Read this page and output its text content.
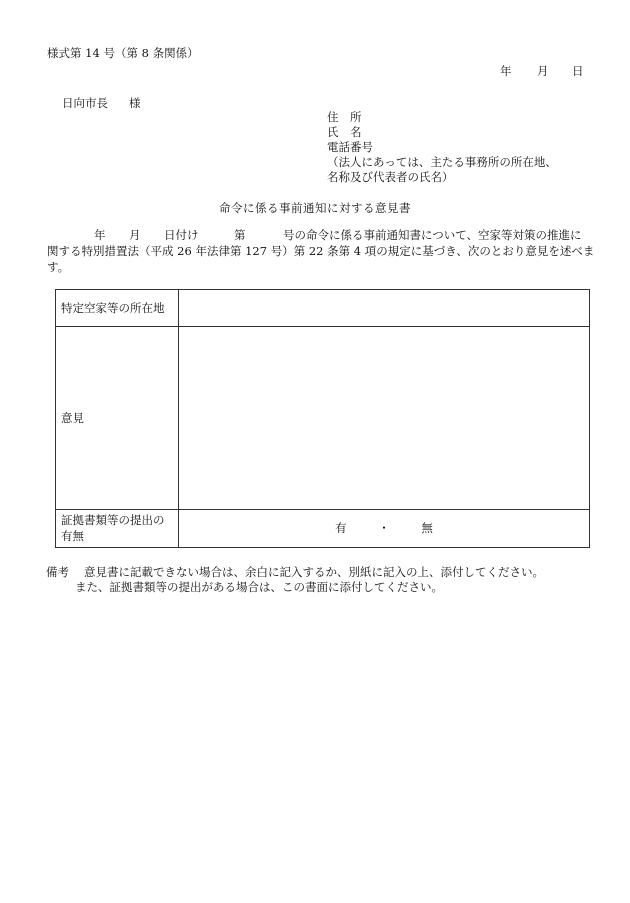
様式第 14 号（第 8 条関係）
年 月 日
日向市長 様
住　所
氏　名
電話番号
（法人にあっては、主たる事務所の所在地、
名称及び代表者の氏名）
命令に係る事前通知に対する意見書
年 月 日付け	第	号の命令に係る事前通知書について、空家等対策の推進に
関する特別措置法（平成 26 年法律第 127 号）第 22 条第 4 項の規定に基づき、次のとおり意見を述べま
す。
特定空家等の所在地	
意見	
証拠書類等の提出の
有無	有 ・ 無
備考 意見書に記載できない場合は、余白に記入するか、別紙に記入の上、添付してください。
また、証拠書類等の提出がある場合は、この書面に添付してください。
